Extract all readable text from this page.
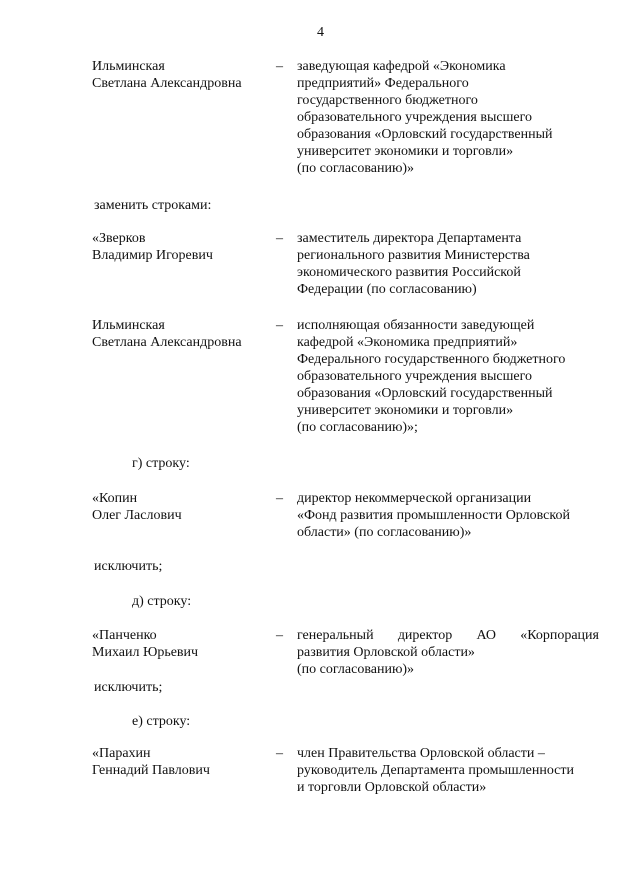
4
Ильминская
Светлана Александровна
– заведующая кафедрой «Экономика
предприятий» Федерального
государственного бюджетного
образовательного учреждения высшего
образования «Орловский государственный
университет экономики и торговли»
(по согласованию)»
заменить строками:
«Зверков
Владимир Игоревич
– заместитель директора Департамента
регионального развития Министерства
экономического развития Российской
Федерации (по согласованию)
Ильминская
Светлана Александровна
– исполняющая обязанности заведующей
кафедрой «Экономика предприятий»
Федерального государственного бюджетного
образовательного учреждения высшего
образования «Орловский государственный
университет экономики и торговли»
(по согласованию)»;
г) строку:
«Копин
Олег Ласлович
– директор некоммерческой организации
«Фонд развития промышленности Орловской
области» (по согласованию)»
исключить;
д) строку:
«Панченко
Михаил Юрьевич
– генеральный директор АО «Корпорация
развития Орловской области»
(по согласованию)»
исключить;
е) строку:
«Парахин
Геннадий Павлович
– член Правительства Орловской области –
руководитель Департамента промышленности
и торговли Орловской области»
